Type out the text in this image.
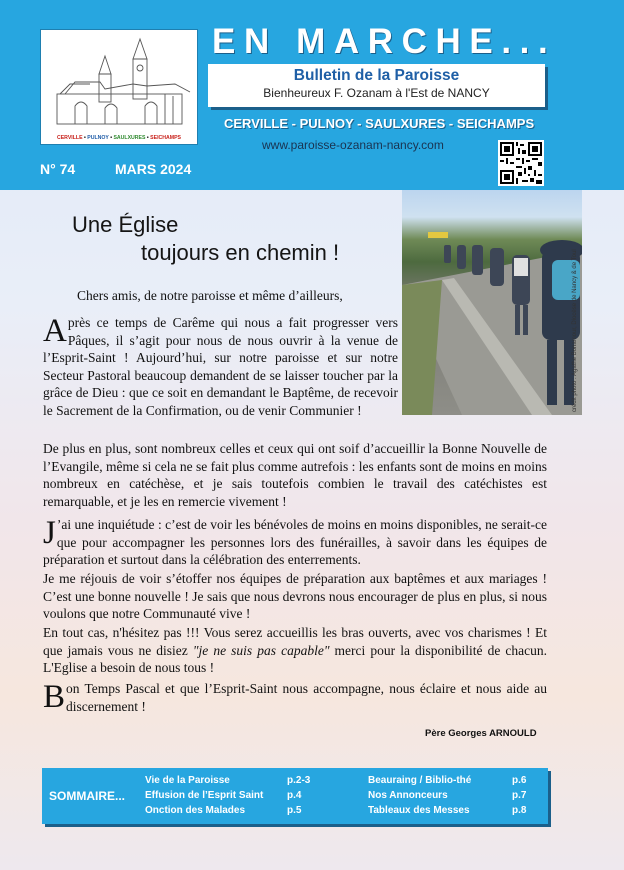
CERVILLE • PULNOY • SAULXURES • SEICHAMPS
EN MARCHE...
Bulletin de la Paroisse
Bienheureux F. Ozanam à l'Est de NANCY
CERVILLE - PULNOY - SAULXURES - SEICHAMPS
www.paroisse-ozanam-nancy.com
N° 74	MARS 2024
crédit photo : Agathe Bonamour, Diocèse de Nancy & de Toul
Une Église
toujours en chemin !
Chers amis, de notre paroisse et même d’ailleurs,
Après ce temps de Carême qui nous a fait progresser vers Pâques, il s’agit pour nous de nous ouvrir à la venue de l’Esprit-Saint ! Aujourd’hui, sur notre paroisse et sur notre Secteur Pastoral beaucoup demandent de se laisser toucher par la grâce de Dieu : que ce soit en demandant le Baptême, de recevoir le Sacrement de la Confirmation, ou de venir Communier !
De plus en plus, sont nombreux celles et ceux qui ont soif d’accueillir la Bonne Nouvelle de l’Evangile, même si cela ne se fait plus comme autrefois : les enfants sont de moins en moins nombreux en catéchèse, et je sais toutefois combien le travail des catéchistes est remarquable, et je les en remercie vivement !
J ’ai une inquiétude : c’est de voir les bénévoles de moins en moins disponibles, ne serait-ce que pour accompagner les personnes lors des funérailles, à savoir dans les équipes de préparation et surtout dans la célébration des enterrements.
Je me réjouis de voir s’étoffer nos équipes de préparation aux baptêmes et aux mariages ! C’est une bonne nouvelle ! Je sais que nous devrons nous encourager de plus en plus, si nous voulons que notre Communauté vive !
En tout cas, n'hésitez pas !!! Vous serez accueillis les bras ouverts, avec vos charismes ! Et que jamais vous ne disiez "je ne suis pas capable" merci pour la disponibilité de chacun. L'Eglise a besoin de nous tous !
Bon Temps Pascal et que l’Esprit-Saint nous accompagne, nous éclaire et nous aide au discernement !
Père Georges ARNOULD
SOMMAIRE...
Vie de la Paroisse	p.2-3
Effusion de l’Esprit Saint p.4
Onction des Malades	p.5
Beauraing / Biblio-thé	p.6
Nos Annonceurs	p.7
Tableaux des Messes	p.8
